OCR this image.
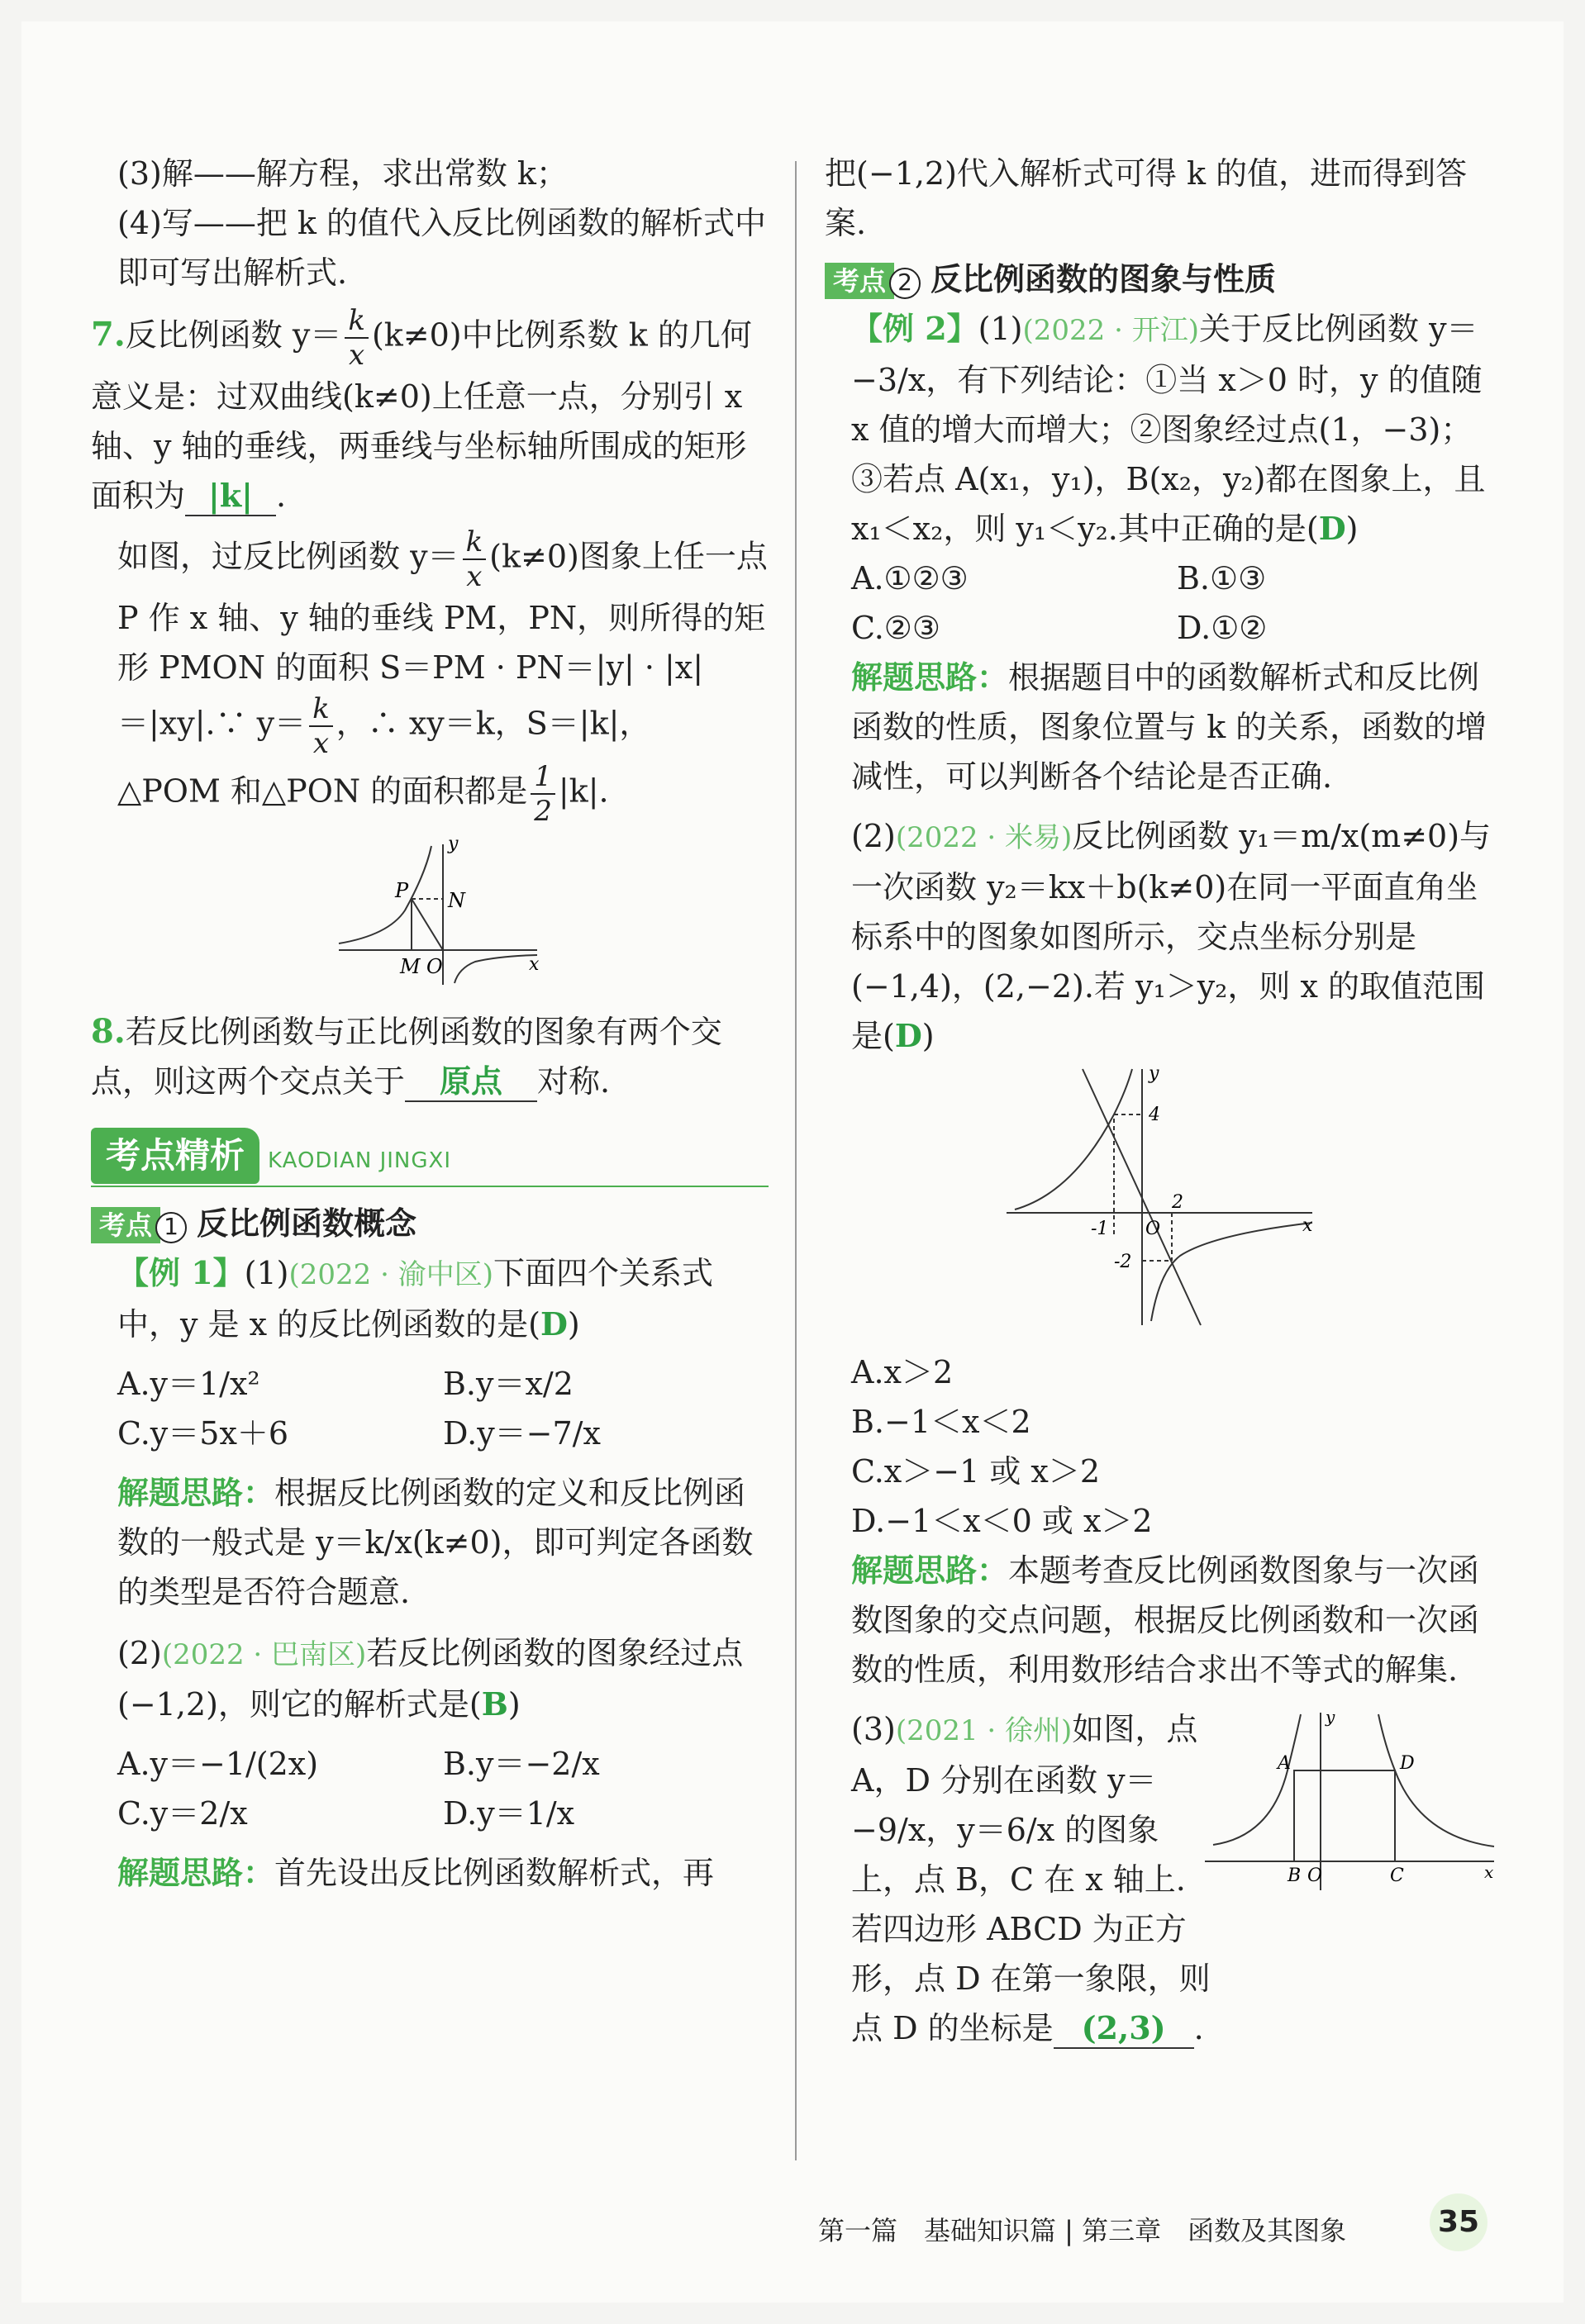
(3)解——解方程，求出常数 k；

(4)写——把 k 的值代入反比例函数的解析式中即可写出解析式.

7.反比例函数 $y= \frac{k}{x} (k\ne 0)$中比例系数 k 的几何意义是：过双曲线(k≠0)上任意一点，分别引 x 轴、y 轴的垂线，两垂线与坐标轴所围成的矩形面积为 |k| .

如图，过反比例函数 $y= \frac{k}{x} (k\ne 0)$图象上任一点 P 作 x 轴、y 轴的垂线 PM，PN，则所得的矩形 PMON 的面积 S＝PM · PN＝|y| · |x|＝|xy|.∵ $y= \frac{k}{x}$ ，∴ xy＝k，S＝|k|，

△POM 和△PON 的面积都是 $\frac{1}{2} |k|$.

P N
M O	x
y

8.若反比例函数与正比例函数的图象有两个交点，则这两个交点关于 原点 对称.

考点精析 KAODIAN JINGXI

考点 1 反比例函数概念

【例 1】(1)(2022 · 渝中区)下面四个关系式中，y 是 x 的反比例函数的是(D)

A.y＝1/x²	B.y＝x/2
C.y＝5x＋6	D.y＝−7/x

解题思路：根据反比例函数的定义和反比例函数的一般式是 y＝k/x(k≠0)，即可判定各函数的类型是否符合题意.

(2)(2022 · 巴南区)若反比例函数的图象经过点(−1,2)，则它的解析式是(B)

A.y＝−1/(2x)	B.y＝−2/x
C.y＝2/x	D.y＝1/x

解题思路：首先设出反比例函数解析式，再

把(−1,2)代入解析式可得 k 的值，进而得到答案.

考点 2 反比例函数的图象与性质

【例 2】(1)(2022 · 开江)关于反比例函数 y＝−3/x，有下列结论：①当 x＞0 时，y 的值随 x 值的增大而增大；②图象经过点(1，−3)；③若点 A(x₁，y₁)，B(x₂，y₂)都在图象上，且 x₁＜x₂，则 y₁＜y₂.其中正确的是(D)

A.①②③	B.①③
C.②③	D.①②

解题思路：根据题目中的函数解析式和反比例函数的性质，图象位置与 k 的关系，函数的增减性，可以判断各个结论是否正确.

(2)(2022 · 米易)反比例函数 y₁＝m/x(m≠0)与一次函数 y₂＝kx＋b(k≠0)在同一平面直角坐标系中的图象如图所示，交点坐标分别是(−1,4)，(2,−2).若 y₁＞y₂，则 x 的取值范围是(D)

y
x
4
2
-1 O
-2

A.x＞2

B.−1＜x＜2

C.x＞−1 或 x＞2

D.−1＜x＜0 或 x＞2

解题思路：本题考查反比例函数图象与一次函数图象的交点问题，根据反比例函数和一次函数的性质，利用数形结合求出不等式的解集.

(3)(2021 · 徐州)如图，点 A，D 分别在函数 y＝−9/x，y＝6/x 的图象上，点 B，C 在 x 轴上.若四边形 ABCD 为正方形，点 D 在第一象限，则点 D 的坐标是 (2,3) .

A	D
B O	C	x
y
第一篇　基础知识篇 | 第三章　函数及其图象	35
